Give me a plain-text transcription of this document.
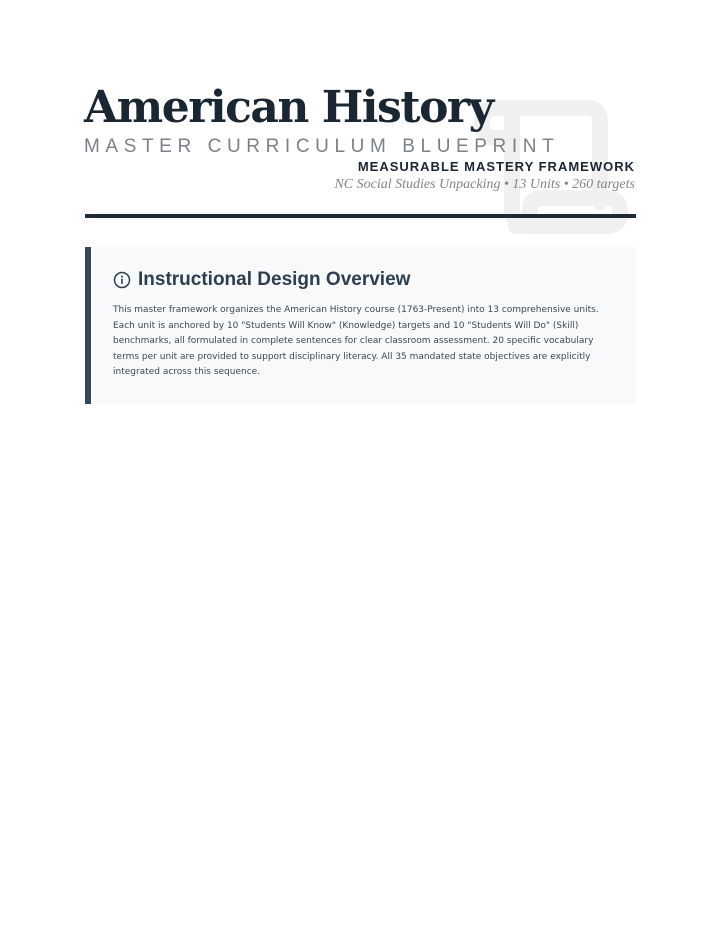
American History
MASTER CURRICULUM BLUEPRINT
MEASURABLE MASTERY FRAMEWORK
NC Social Studies Unpacking • 13 Units • 260 targets
Instructional Design Overview

This master framework organizes the American History course (1763-Present) into 13 comprehensive units. Each unit is anchored by 10 "Students Will Know" (Knowledge) targets and 10 "Students Will Do" (Skill) benchmarks, all formulated in complete sentences for clear classroom assessment. 20 specific vocabulary terms per unit are provided to support disciplinary literacy. All 35 mandated state objectives are explicitly integrated across this sequence.
